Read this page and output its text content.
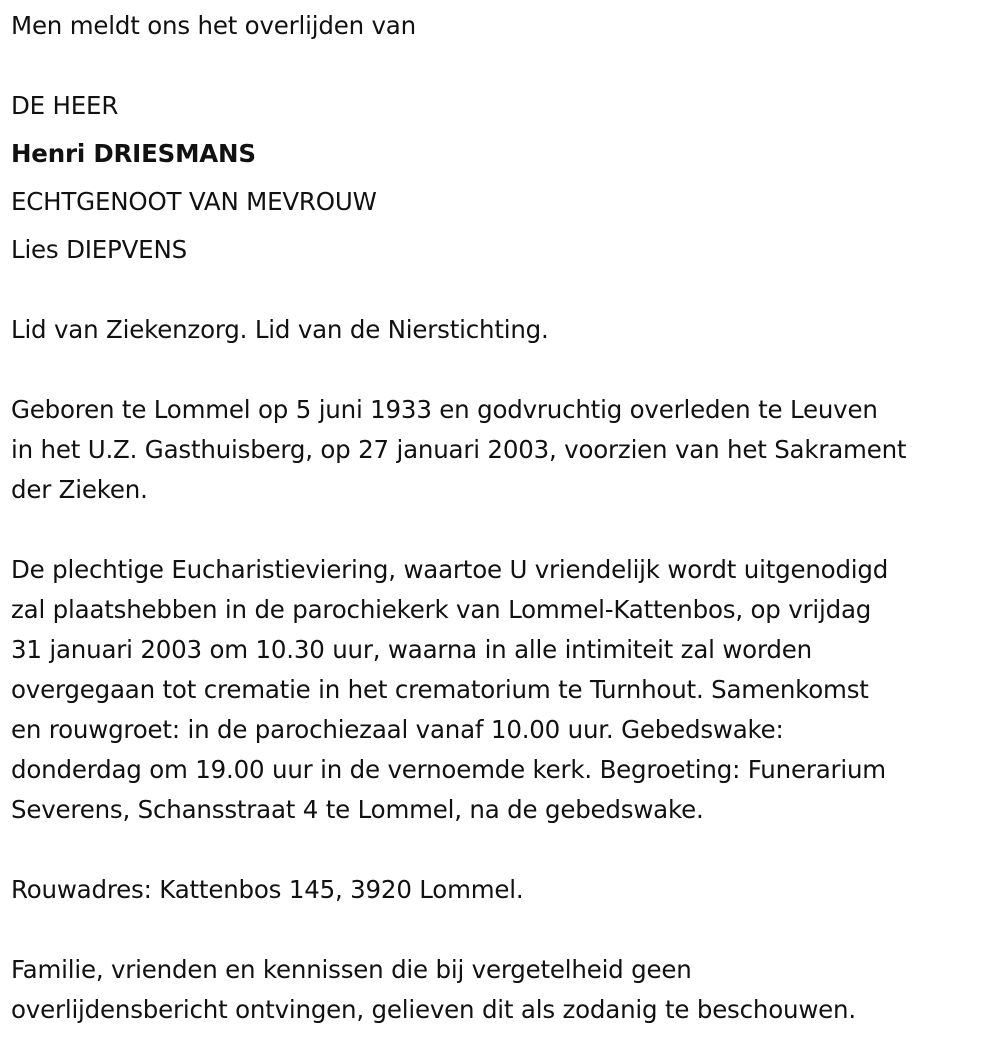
Men meldt ons het overlijden van
DE HEER
Henri DRIESMANS
ECHTGENOOT VAN MEVROUW
Lies DIEPVENS
Lid van Ziekenzorg. Lid van de Nierstichting.
Geboren te Lommel op 5 juni 1933 en godvruchtig overleden te Leuven
in het U.Z. Gasthuisberg, op 27 januari 2003, voorzien van het Sakrament
der Zieken.
De plechtige Eucharistieviering, waartoe U vriendelijk wordt uitgenodigd
zal plaatshebben in de parochiekerk van Lommel-Kattenbos, op vrijdag
31 januari 2003 om 10.30 uur, waarna in alle intimiteit zal worden
overgegaan tot crematie in het crematorium te Turnhout. Samenkomst
en rouwgroet: in de parochiezaal vanaf 10.00 uur. Gebedswake:
donderdag om 19.00 uur in de vernoemde kerk. Begroeting: Funerarium
Severens, Schansstraat 4 te Lommel, na de gebedswake.
Rouwadres: Kattenbos 145, 3920 Lommel.
Familie, vrienden en kennissen die bij vergetelheid geen
overlijdensbericht ontvingen, gelieven dit als zodanig te beschouwen.
